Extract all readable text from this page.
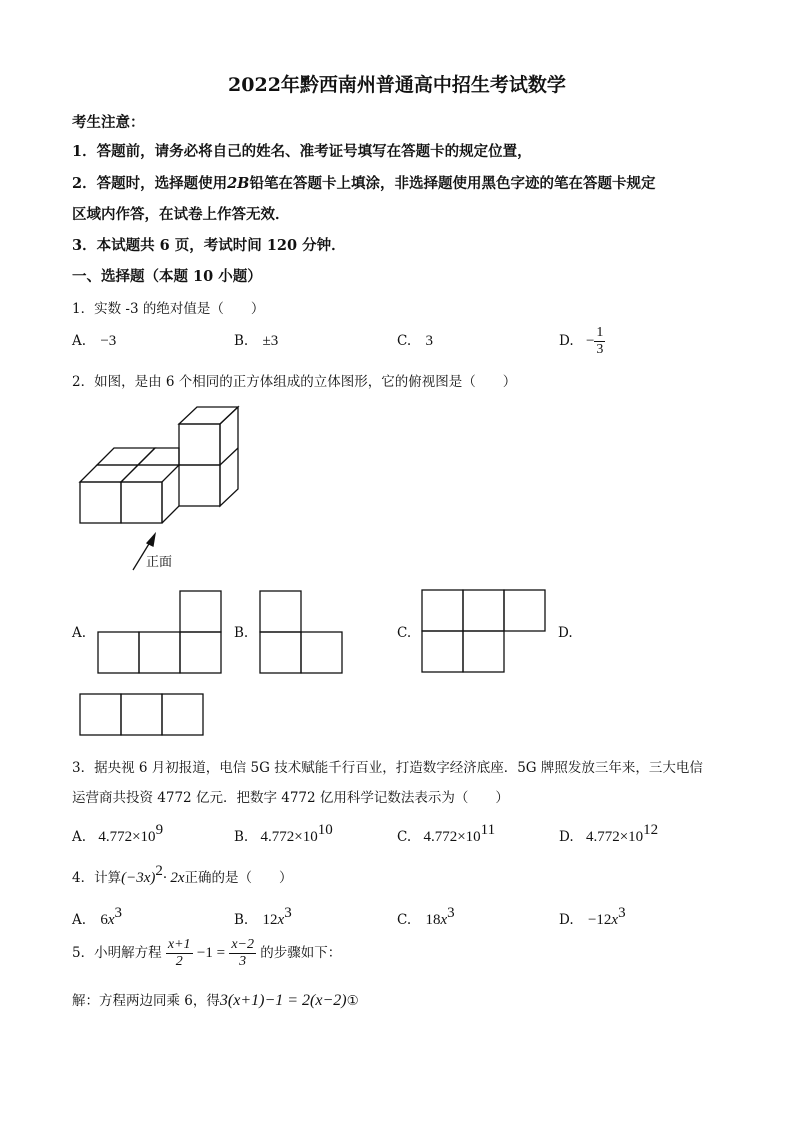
2022年黔西南州普通高中招生考试数学
考生注意：
1．答题前，请务必将自己的姓名、准考证号填写在答题卡的规定位置，
2．答题时，选择题使用2B铅笔在答题卡上填涂，非选择题使用黑色字迹的笔在答题卡规定
区域内作答，在试卷上作答无效．
3．本试题共 6 页，考试时间 120 分钟．
一、选择题（本题 10 小题）
1．实数 -3 的绝对值是（　　）
A. −3	B. ±3	C. 3	D. − $\frac{1}{3}$
2．如图，是由 6 个相同的正方体组成的立体图形，它的俯视图是（　　）
正面
A.	B.	C.	D.
3．据央视 6 月初报道，电信 5G 技术赋能千行百业，打造数字经济底座．5G 牌照发放三年来，三大电信
运营商共投资 4772 亿元．把数字 4772 亿用科学记数法表示为（　　）
A. $4.772\times 10^9$	B. $4.772\times 10^{10}$	C. $4.772\times 10^{11}$	D. $4.772\times 10^{12}$
4．计算$(-3x)^2\cdot 2x$正确的是（　　）
A. $6x^3$	B. $12x^3$	C. $18x^3$	D. $-12x^3$
5．小明解方程 $\frac{x+1}{2} -1 = \frac{x-2}{3}$ 的步骤如下：
解：方程两边同乘 6，得3(x+1)−1 = 2(x−2)①
